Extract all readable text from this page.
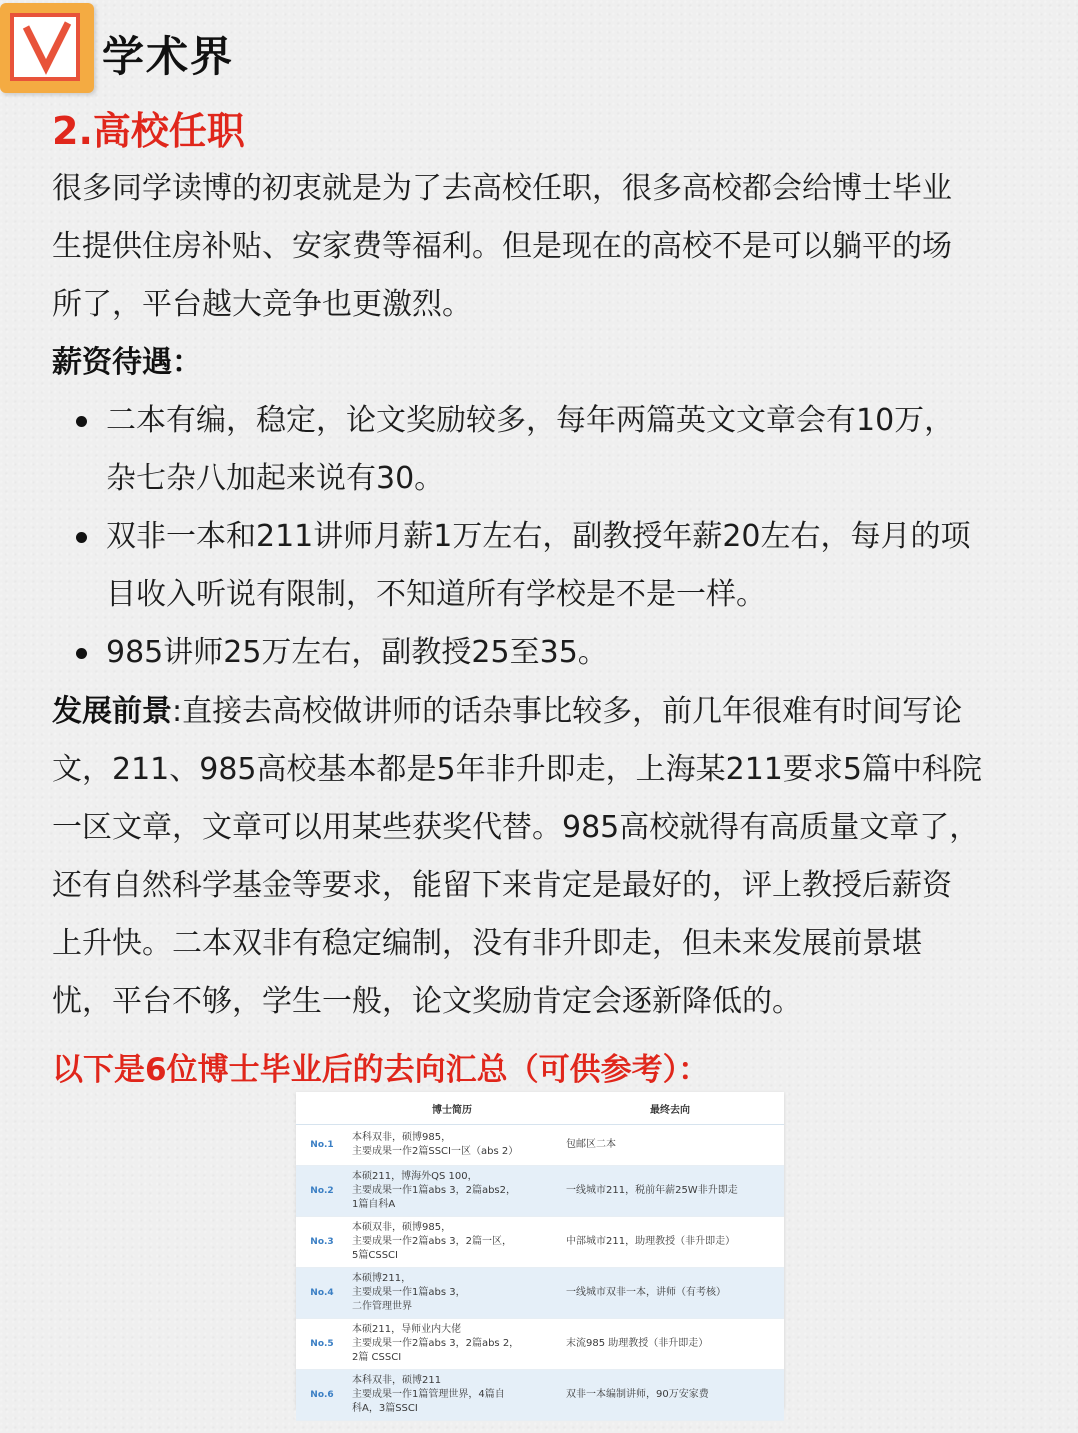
学术界
2.高校任职
很多同学读博的初衷就是为了去高校任职，很多高校都会给博士毕业
生提供住房补贴、安家费等福利。但是现在的高校不是可以躺平的场
所了，平台越大竞争也更激烈。
薪资待遇：
二本有编，稳定，论文奖励较多，每年两篇英文文章会有10万，
杂七杂八加起来说有30。
双非一本和211讲师月薪1万左右，副教授年薪20左右，每月的项
目收入听说有限制，不知道所有学校是不是一样。
985讲师25万左右，副教授25至35。
发展前景:直接去高校做讲师的话杂事比较多，前几年很难有时间写论
文，211、985高校基本都是5年非升即走，上海某211要求5篇中科院
一区文章，文章可以用某些获奖代替。985高校就得有高质量文章了，
还有自然科学基金等要求，能留下来肯定是最好的，评上教授后薪资
上升快。二本双非有稳定编制，没有非升即走，但未来发展前景堪
忧，平台不够，学生一般，论文奖励肯定会逐新降低的。
以下是6位博士毕业后的去向汇总（可供参考）：
	博士简历	最终去向
No.1	本科双非，硕博985，
主要成果一作2篇SSCI一区（abs 2）	包邮区二本
No.2	本硕211，博海外QS 100，
主要成果一作1篇abs 3，2篇abs2，
1篇自科A	一线城市211，税前年薪25W非升即走
No.3	本硕双非，硕博985，
主要成果一作2篇abs 3，2篇一区，
5篇CSSCI	中部城市211，助理教授（非升即走）
No.4	本硕博211，
主要成果一作1篇abs 3，
二作管理世界	一线城市双非一本，讲师（有考核）
No.5	本硕211，导师业内大佬
主要成果一作2篇abs 3，2篇abs 2，
2篇 CSSCI	末流985 助理教授（非升即走）
No.6	本科双非，硕博211
主要成果一作1篇管理世界，4篇自
科A，3篇SSCI	双非一本编制讲师，90万安家费
